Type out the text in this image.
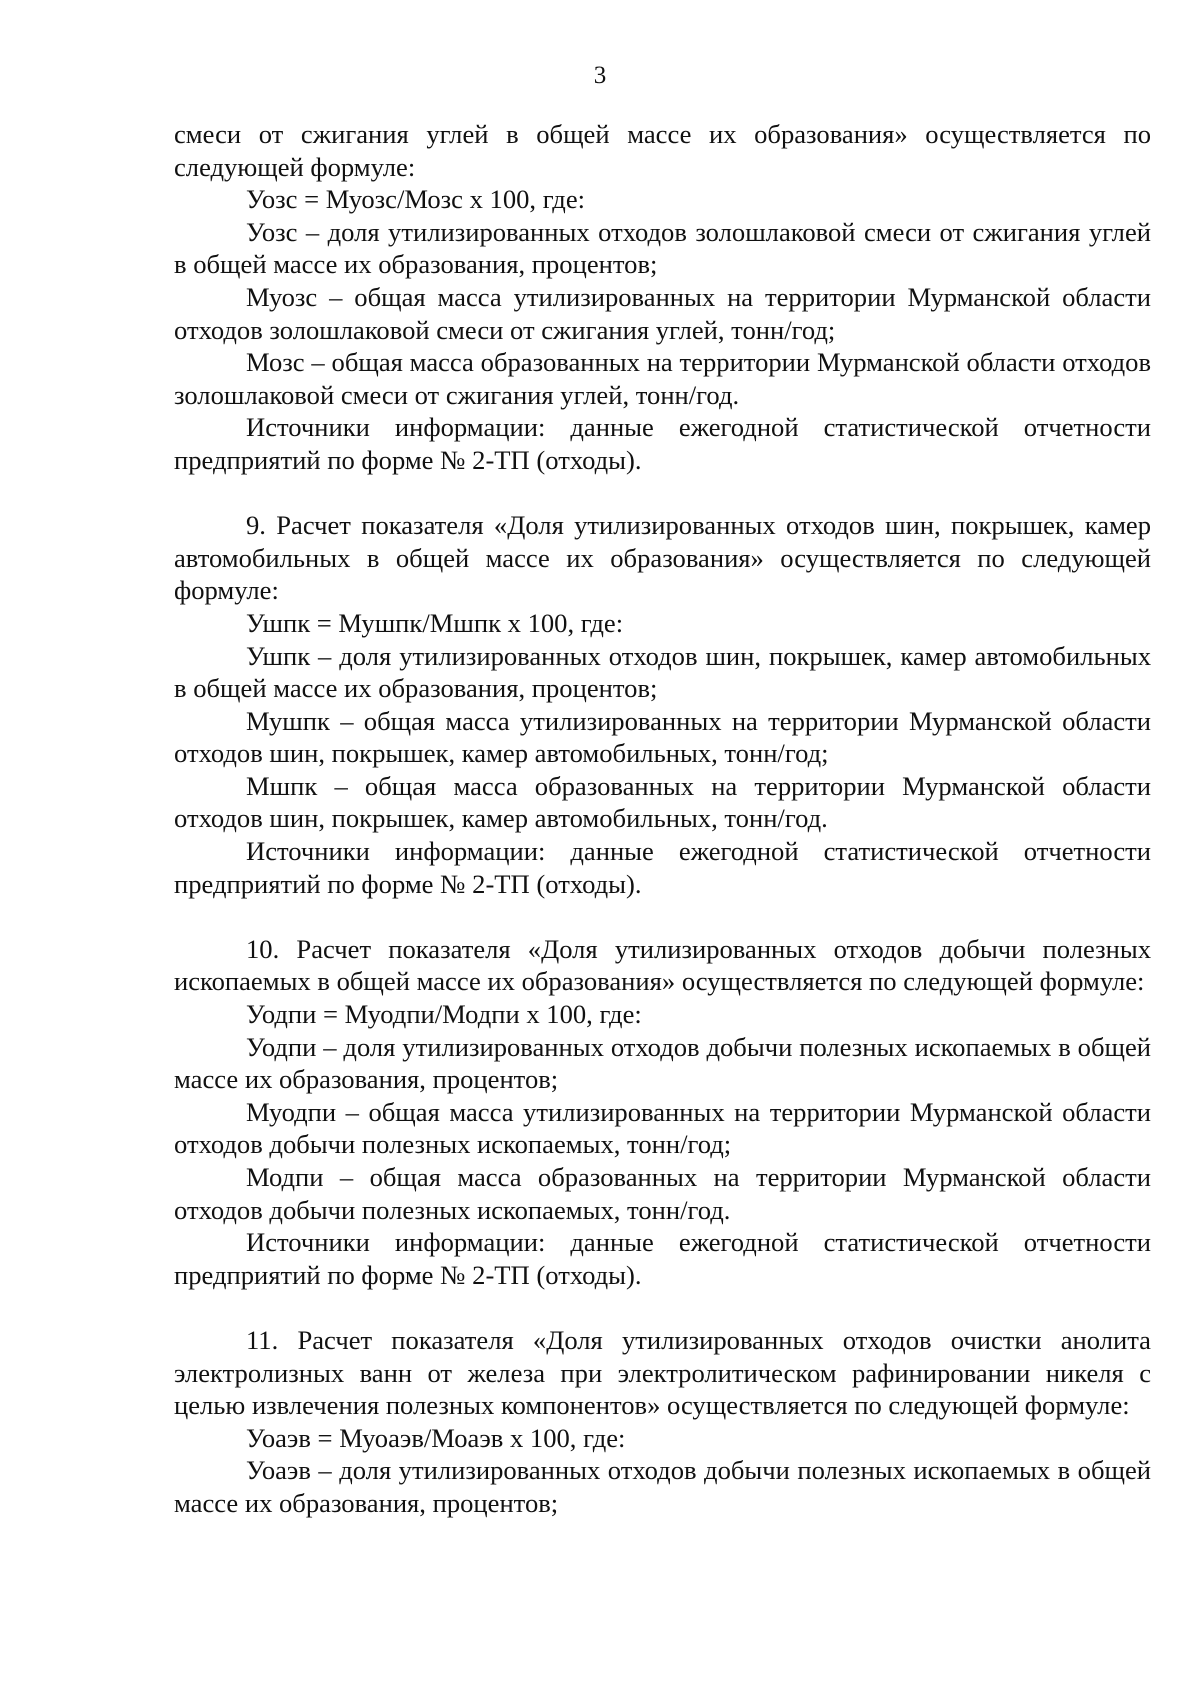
3

смеси от сжигания углей в общей массе их образования» осуществляется по следующей формуле:

Уозс = Муозс/Мозс х 100, где:

Уозс – доля утилизированных отходов золошлаковой смеси от сжигания углей в общей массе их образования, процентов;

Муозс – общая масса утилизированных на территории Мурманской области отходов золошлаковой смеси от сжигания углей, тонн/год;

Мозс – общая масса образованных на территории Мурманской области отходов золошлаковой смеси от сжигания углей, тонн/год.

Источники информации: данные ежегодной статистической отчетности предприятий по форме № 2-ТП (отходы).

9. Расчет показателя «Доля утилизированных отходов шин, покрышек, камер автомобильных в общей массе их образования» осуществляется по следующей формуле:

Ушпк = Мушпк/Мшпк х 100, где:

Ушпк – доля утилизированных отходов шин, покрышек, камер автомобильных в общей массе их образования, процентов;

Мушпк – общая масса утилизированных на территории Мурманской области отходов шин, покрышек, камер автомобильных, тонн/год;

Мшпк – общая масса образованных на территории Мурманской области отходов шин, покрышек, камер автомобильных, тонн/год.

Источники информации: данные ежегодной статистической отчетности предприятий по форме № 2-ТП (отходы).

10. Расчет показателя «Доля утилизированных отходов добычи полезных ископаемых в общей массе их образования» осуществляется по следующей формуле:

Уодпи = Муодпи/Модпи х 100, где:

Уодпи – доля утилизированных отходов добычи полезных ископаемых в общей массе их образования, процентов;

Муодпи – общая масса утилизированных на территории Мурманской области отходов добычи полезных ископаемых, тонн/год;

Модпи – общая масса образованных на территории Мурманской области отходов добычи полезных ископаемых, тонн/год.

Источники информации: данные ежегодной статистической отчетности предприятий по форме № 2-ТП (отходы).

11. Расчет показателя «Доля утилизированных отходов очистки анолита электролизных ванн от железа при электролитическом рафинировании никеля с целью извлечения полезных компонентов» осуществляется по следующей формуле:

Уоаэв = Муоаэв/Моаэв х 100, где:

Уоаэв – доля утилизированных отходов добычи полезных ископаемых в общей массе их образования, процентов;
